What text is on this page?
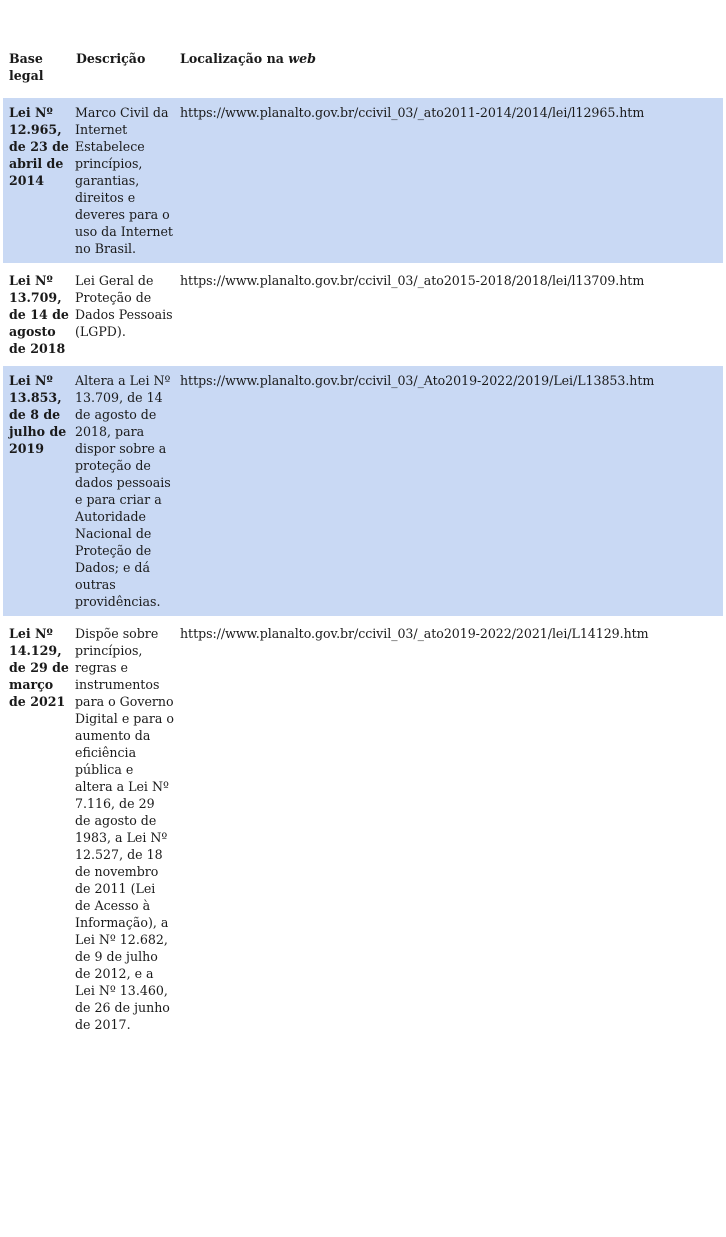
Base legal	Descrição	Localização na web
Lei Nº 12.965, de 23 de abril de 2014	Marco Civil da Internet Estabelece princípios, garantias, direitos e deveres para o uso da Internet no Brasil.	https://www.planalto.gov.br/ccivil_03/_ato2011-2014/2014/lei/l12965.htm
Lei Nº 13.709, de 14 de agosto de 2018	Lei Geral de Proteção de Dados Pessoais (LGPD).	https://www.planalto.gov.br/ccivil_03/_ato2015-2018/2018/lei/l13709.htm
Lei Nº 13.853, de 8 de julho de 2019	Altera a Lei Nº 13.709, de 14 de agosto de 2018, para dispor sobre a proteção de dados pessoais e para criar a Autoridade Nacional de Proteção de Dados; e dá outras providências.	https://www.planalto.gov.br/ccivil_03/_Ato2019-2022/2019/Lei/L13853.htm
Lei Nº 14.129, de 29 de março de 2021	Dispõe sobre princípios, regras e instrumentos para o Governo Digital e para o aumento da eficiência pública e altera a Lei Nº 7.116, de 29 de agosto de 1983, a Lei Nº 12.527, de 18 de novembro de 2011 (Lei de Acesso à Informação), a Lei Nº 12.682, de 9 de julho de 2012, e a Lei Nº 13.460, de 26 de junho de 2017.	https://www.planalto.gov.br/ccivil_03/_ato2019-2022/2021/lei/L14129.htm
